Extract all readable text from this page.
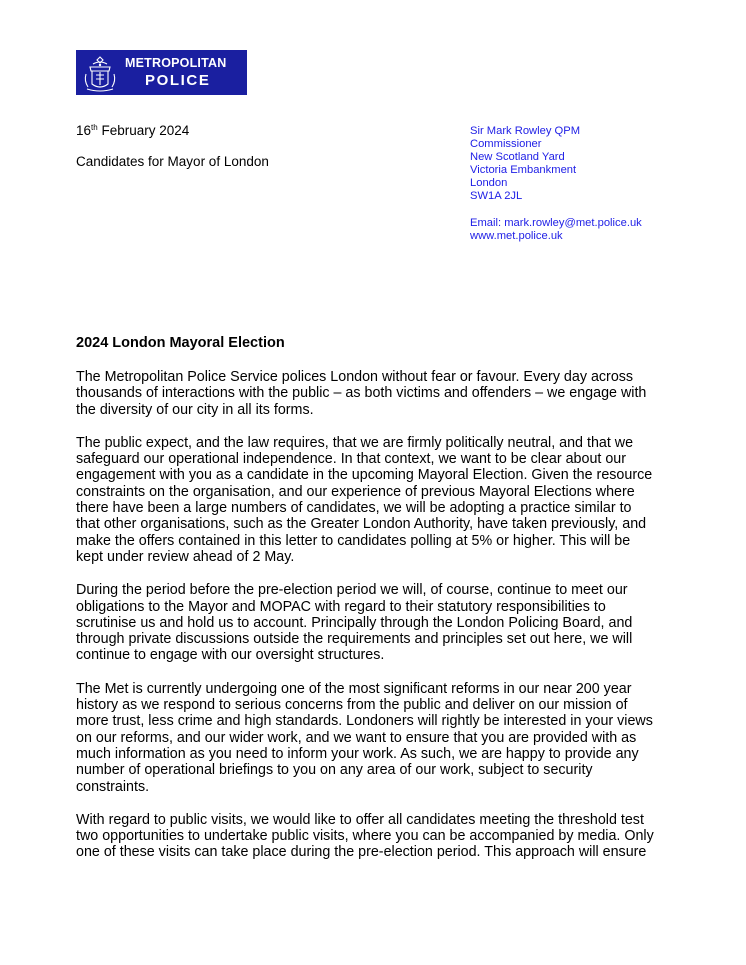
METROPOLITAN
POLICE
16th February 2024
Candidates for Mayor of London
Sir Mark Rowley QPM
Commissioner
New Scotland Yard
Victoria Embankment
London
SW1A 2JL
Email: mark.rowley@met.police.uk
www.met.police.uk
2024 London Mayoral Election

The Metropolitan Police Service polices London without fear or favour. Every day across
thousands of interactions with the public – as both victims and offenders – we engage with
the diversity of our city in all its forms.

The public expect, and the law requires, that we are firmly politically neutral, and that we
safeguard our operational independence. In that context, we want to be clear about our
engagement with you as a candidate in the upcoming Mayoral Election. Given the resource
constraints on the organisation, and our experience of previous Mayoral Elections where
there have been a large numbers of candidates, we will be adopting a practice similar to
that other organisations, such as the Greater London Authority, have taken previously, and
make the offers contained in this letter to candidates polling at 5% or higher. This will be
kept under review ahead of 2 May.

During the period before the pre-election period we will, of course, continue to meet our
obligations to the Mayor and MOPAC with regard to their statutory responsibilities to
scrutinise us and hold us to account. Principally through the London Policing Board, and
through private discussions outside the requirements and principles set out here, we will
continue to engage with our oversight structures.

The Met is currently undergoing one of the most significant reforms in our near 200 year
history as we respond to serious concerns from the public and deliver on our mission of
more trust, less crime and high standards. Londoners will rightly be interested in your views
on our reforms, and our wider work, and we want to ensure that you are provided with as
much information as you need to inform your work. As such, we are happy to provide any
number of operational briefings to you on any area of our work, subject to security
constraints.

With regard to public visits, we would like to offer all candidates meeting the threshold test
two opportunities to undertake public visits, where you can be accompanied by media. Only
one of these visits can take place during the pre-election period. This approach will ensure
